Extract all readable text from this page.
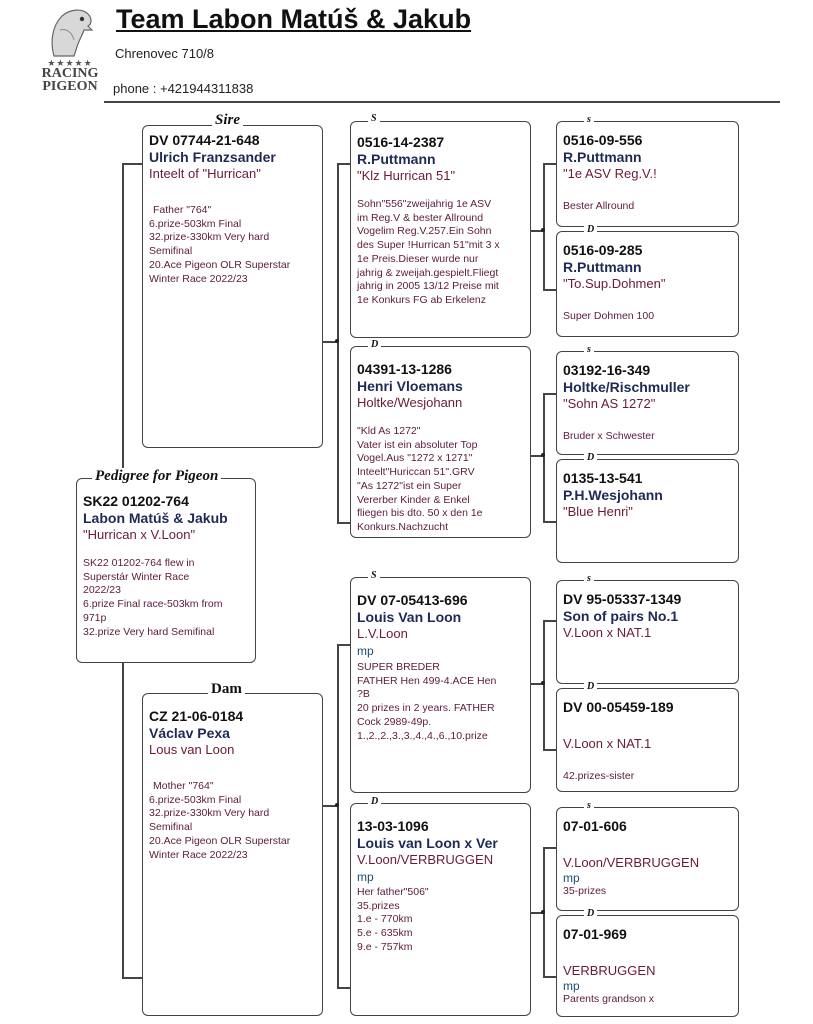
★★★★★
RACING
PIGEON
Team Labon Matúš & Jakub
Chrenovec 710/8
phone : +421944311838
DV 07744-21-648
Ulrich Franzsander
Inteelt of "Hurrican"
Father "764"
6.prize-503km Final
32.prize-330km Very hard
Semifinal
20.Ace Pigeon OLR Superstar
Winter Race 2022/23
Sire
SK22 01202-764
Labon Matúš & Jakub
"Hurrican x V.Loon"
SK22 01202-764 flew in
Superstár Winter Race
2022/23
6.prize Final race-503km from
971p
32.prize Very hard Semifinal
Pedigree for Pigeon
CZ 21-06-0184
Václav Pexa
Lous van Loon
Mother "764"
6.prize-503km Final
32.prize-330km Very hard
Semifinal
20.Ace Pigeon OLR Superstar
Winter Race 2022/23
Dam
0516-14-2387
R.Puttmann
"Klz Hurrican 51"
Sohn"556"zweijahrig 1e ASV
im Reg.V & bester Allround
Vogelim Reg.V.257.Ein Sohn
des Super !Hurrican 51"mit 3 x
1e Preis.Dieser wurde nur
jahrig & zweijah.gespielt.Fliegt
jahrig in 2005 13/12 Preise mit
1e Konkurs FG ab Erkelenz
S
04391-13-1286
Henri Vloemans
Holtke/Wesjohann
"Kld As 1272"
Vater ist ein absoluter Top
Vogel.Aus "1272 x 1271"
Inteelt"Huriccan 51".GRV
"As 1272"ist ein Super
Vererber Kinder & Enkel
fliegen bis dto. 50 x den 1e
Konkurs.Nachzucht
D
DV 07-05413-696
Louis Van Loon
L.V.Loon
mp
SUPER BREDER
FATHER Hen 499-4.ACE Hen
?B
20 prizes in 2 years. FATHER
Cock 2989-49p.
1.,2.,2.,3.,3.,4.,4.,6.,10.prize
S
13-03-1096
Louis van Loon x Ver
V.Loon/VERBRUGGEN
mp
Her father"506"
35.prizes
1.e - 770km
5.e - 635km
9.e - 757km
D
0516-09-556
R.Puttmann
"1e ASV Reg.V.!
Bester Allround
s
0516-09-285
R.Puttmann
"To.Sup.Dohmen"
Super Dohmen 100
D
03192-16-349
Holtke/Rischmuller
"Sohn AS 1272"
Bruder x Schwester
s
0135-13-541
P.H.Wesjohann
"Blue Henri"
D
DV 95-05337-1349
Son of pairs No.1
V.Loon x NAT.1
s
DV 00-05459-189
V.Loon x NAT.1
42.prizes-sister
D
07-01-606
V.Loon/VERBRUGGEN
mp
35-prizes
s
07-01-969
VERBRUGGEN
mp
Parents grandson x
D
